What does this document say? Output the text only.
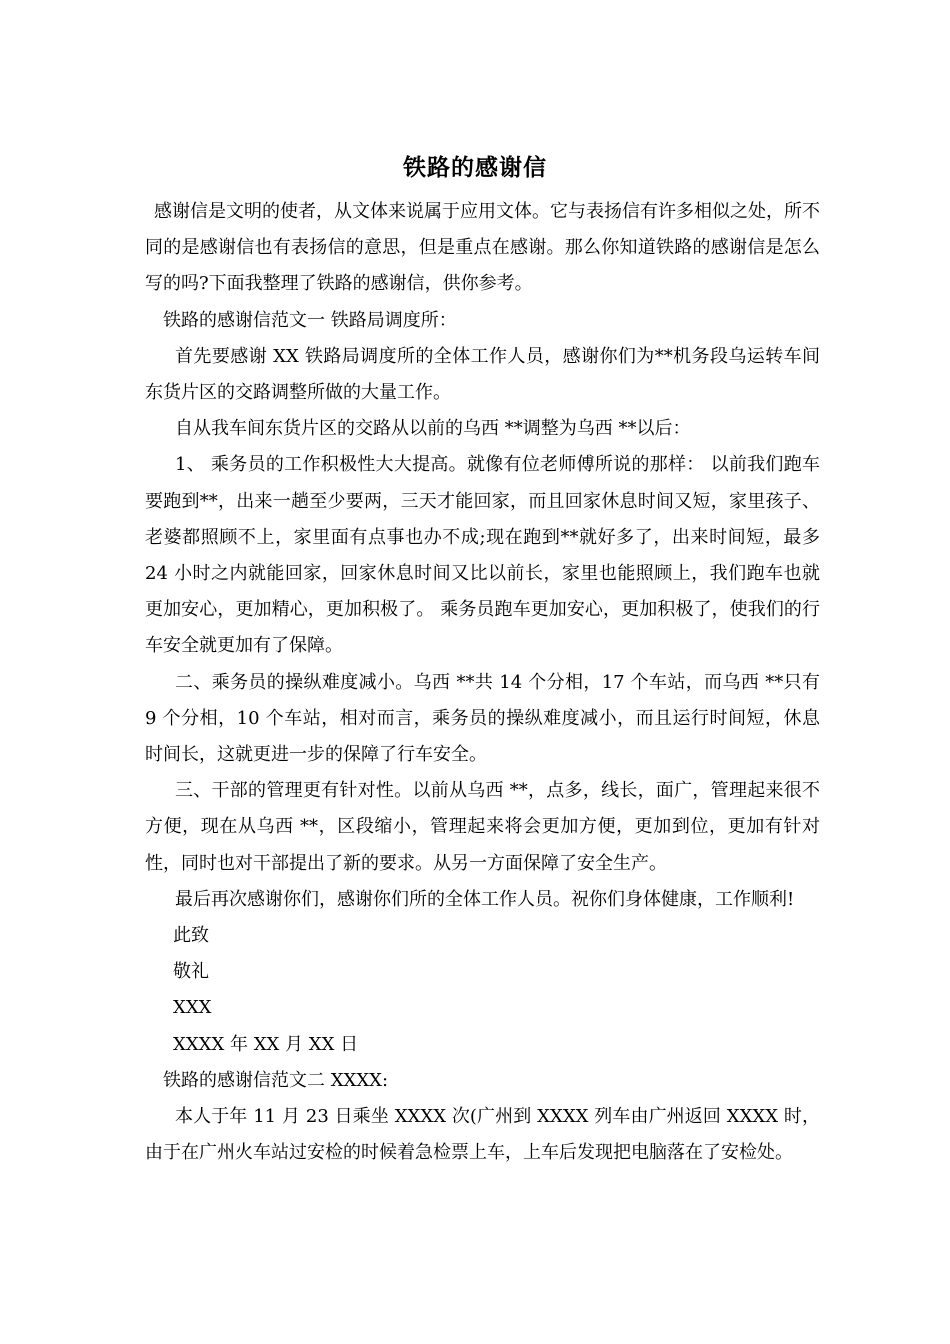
铁路的感谢信

感谢信是文明的使者，从文体来说属于应用文体。它与表扬信有许多相似之处，所不同的是感谢信也有表扬信的意思，但是重点在感谢。那么你知道铁路的感谢信是怎么写的吗?下面我整理了铁路的感谢信，供你参考。

铁路的感谢信范文一 铁路局调度所：

首先要感谢 XX 铁路局调度所的全体工作人员，感谢你们为**机务段乌运转车间东货片区的交路调整所做的大量工作。

自从我车间东货片区的交路从以前的乌西 **调整为乌西 **以后：

1、 乘务员的工作积极性大大提高。就像有位老师傅所说的那样： 以前我们跑车要跑到**，出来一趟至少要两，三天才能回家，而且回家休息时间又短，家里孩子、老婆都照顾不上，家里面有点事也办不成;现在跑到**就好多了，出来时间短，最多 24 小时之内就能回家，回家休息时间又比以前长，家里也能照顾上，我们跑车也就更加安心，更加精心，更加积极了。 乘务员跑车更加安心，更加积极了，使我们的行车安全就更加有了保障。

二、乘务员的操纵难度减小。乌西 **共 14 个分相，17 个车站，而乌西 **只有 9 个分相，10 个车站，相对而言，乘务员的操纵难度减小，而且运行时间短，休息时间长，这就更进一步的保障了行车安全。

三、干部的管理更有针对性。以前从乌西 **，点多，线长，面广，管理起来很不方便，现在从乌西 **，区段缩小，管理起来将会更加方便，更加到位，更加有针对性，同时也对干部提出了新的要求。从另一方面保障了安全生产。

最后再次感谢你们，感谢你们所的全体工作人员。祝你们身体健康，工作顺利!

此致

敬礼

XXX

XXXX 年 XX 月 XX 日

铁路的感谢信范文二 XXXX:

本人于年 11 月 23 日乘坐 XXXX 次(广州到 XXXX 列车由广州返回 XXXX 时，由于在广州火车站过安检的时候着急检票上车，上车后发现把电脑落在了安检处。
